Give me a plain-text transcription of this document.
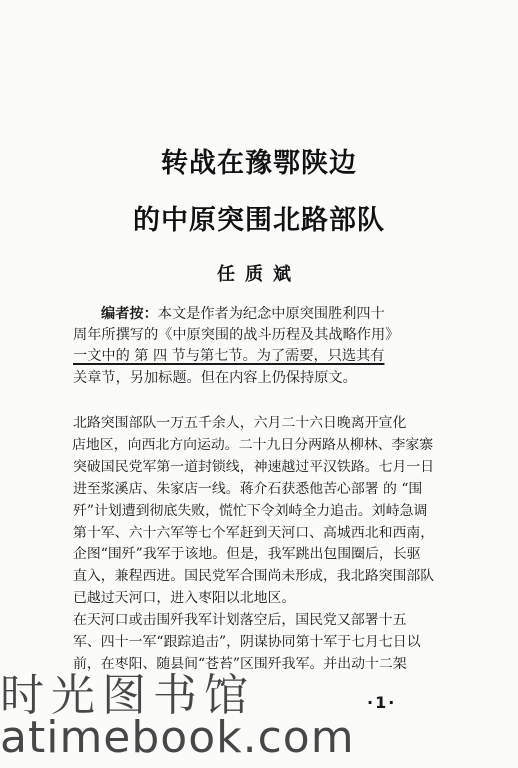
转战在豫鄂陕边
的中原突围北路部队
任质斌
编者按：本文是作者为纪念中原突围胜利四十
周年所撰写的《中原突围的战斗历程及其战略作用》
一文中的 第 四 节与第七节。为了需要，只选其有
关章节，另加标题。但在内容上仍保持原文。
北路突围部队一万五千余人，六月二十六日晚离开宣化
店地区，向西北方向运动。二十九日分两路从柳林、李家寨
突破国民党军第一道封锁线，神速越过平汉铁路。七月一日
进至浆溪店、朱家店一线。蒋介石获悉他苦心部署 的 “围
歼”计划遭到彻底失败，慌忙下令刘峙全力追击。刘峙急调
第十军、六十六军等七个军赶到天河口、高城西北和西南，
企图“围歼”我军于该地。但是，我军跳出包围圈后，长驱
直入，兼程西进。国民党军合围尚未形成，我北路突围部队
已越过天河口，进入枣阳以北地区。
在天河口或击围歼我军计划落空后，国民党又部署十五
军、四十一军“跟踪追击”，阴谋协同第十军于七月七日以
前，在枣阳、随县间“苍苔”区围歼我军。并出动十二架
·1·
时光图书馆
atimebook.com
